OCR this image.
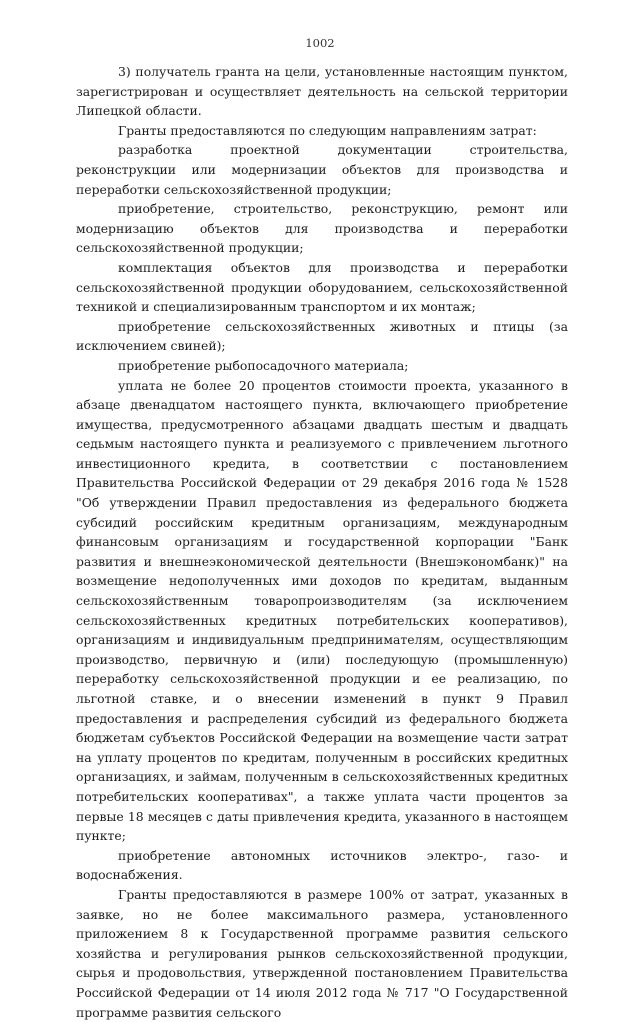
1002

3) получатель гранта на цели, установленные настоящим пунктом, зарегистрирован и осуществляет деятельность на сельской территории Липецкой области.

Гранты предоставляются по следующим направлениям затрат:

разработка проектной документации строительства, реконструкции или модернизации объектов для производства и переработки сельскохозяйственной продукции;

приобретение, строительство, реконструкцию, ремонт или модернизацию объектов для производства и переработки сельскохозяйственной продукции;

комплектация объектов для производства и переработки сельскохозяйственной продукции оборудованием, сельскохозяйственной техникой и специализированным транспортом и их монтаж;

приобретение сельскохозяйственных животных и птицы (за исключением свиней);

приобретение рыбопосадочного материала;

уплата не более 20 процентов стоимости проекта, указанного в абзаце двенадцатом настоящего пункта, включающего приобретение имущества, предусмотренного абзацами двадцать шестым и двадцать седьмым настоящего пункта и реализуемого с привлечением льготного инвестиционного кредита, в соответствии с постановлением Правительства Российской Федерации от 29 декабря 2016 года № 1528 "Об утверждении Правил предоставления из федерального бюджета субсидий российским кредитным организациям, международным финансовым организациям и государственной корпорации "Банк развития и внешнеэкономической деятельности (Внешэкономбанк)" на возмещение недополученных ими доходов по кредитам, выданным сельскохозяйственным товаропроизводителям (за исключением сельскохозяйственных кредитных потребительских кооперативов), организациям и индивидуальным предпринимателям, осуществляющим производство, первичную и (или) последующую (промышленную) переработку сельскохозяйственной продукции и ее реализацию, по льготной ставке, и о внесении изменений в пункт 9 Правил предоставления и распределения субсидий из федерального бюджета бюджетам субъектов Российской Федерации на возмещение части затрат на уплату процентов по кредитам, полученным в российских кредитных организациях, и займам, полученным в сельскохозяйственных кредитных потребительских кооперативах", а также уплата части процентов за первые 18 месяцев с даты привлечения кредита, указанного в настоящем пункте;

приобретение автономных источников электро-, газо- и водоснабжения.

Гранты предоставляются в размере 100% от затрат, указанных в заявке, но не более максимального размера, установленного приложением 8 к Государственной программе развития сельского хозяйства и регулирования рынков сельскохозяйственной продукции, сырья и продовольствия, утвержденной постановлением Правительства Российской Федерации от 14 июля 2012 года № 717 "О Государственной программе развития сельского
